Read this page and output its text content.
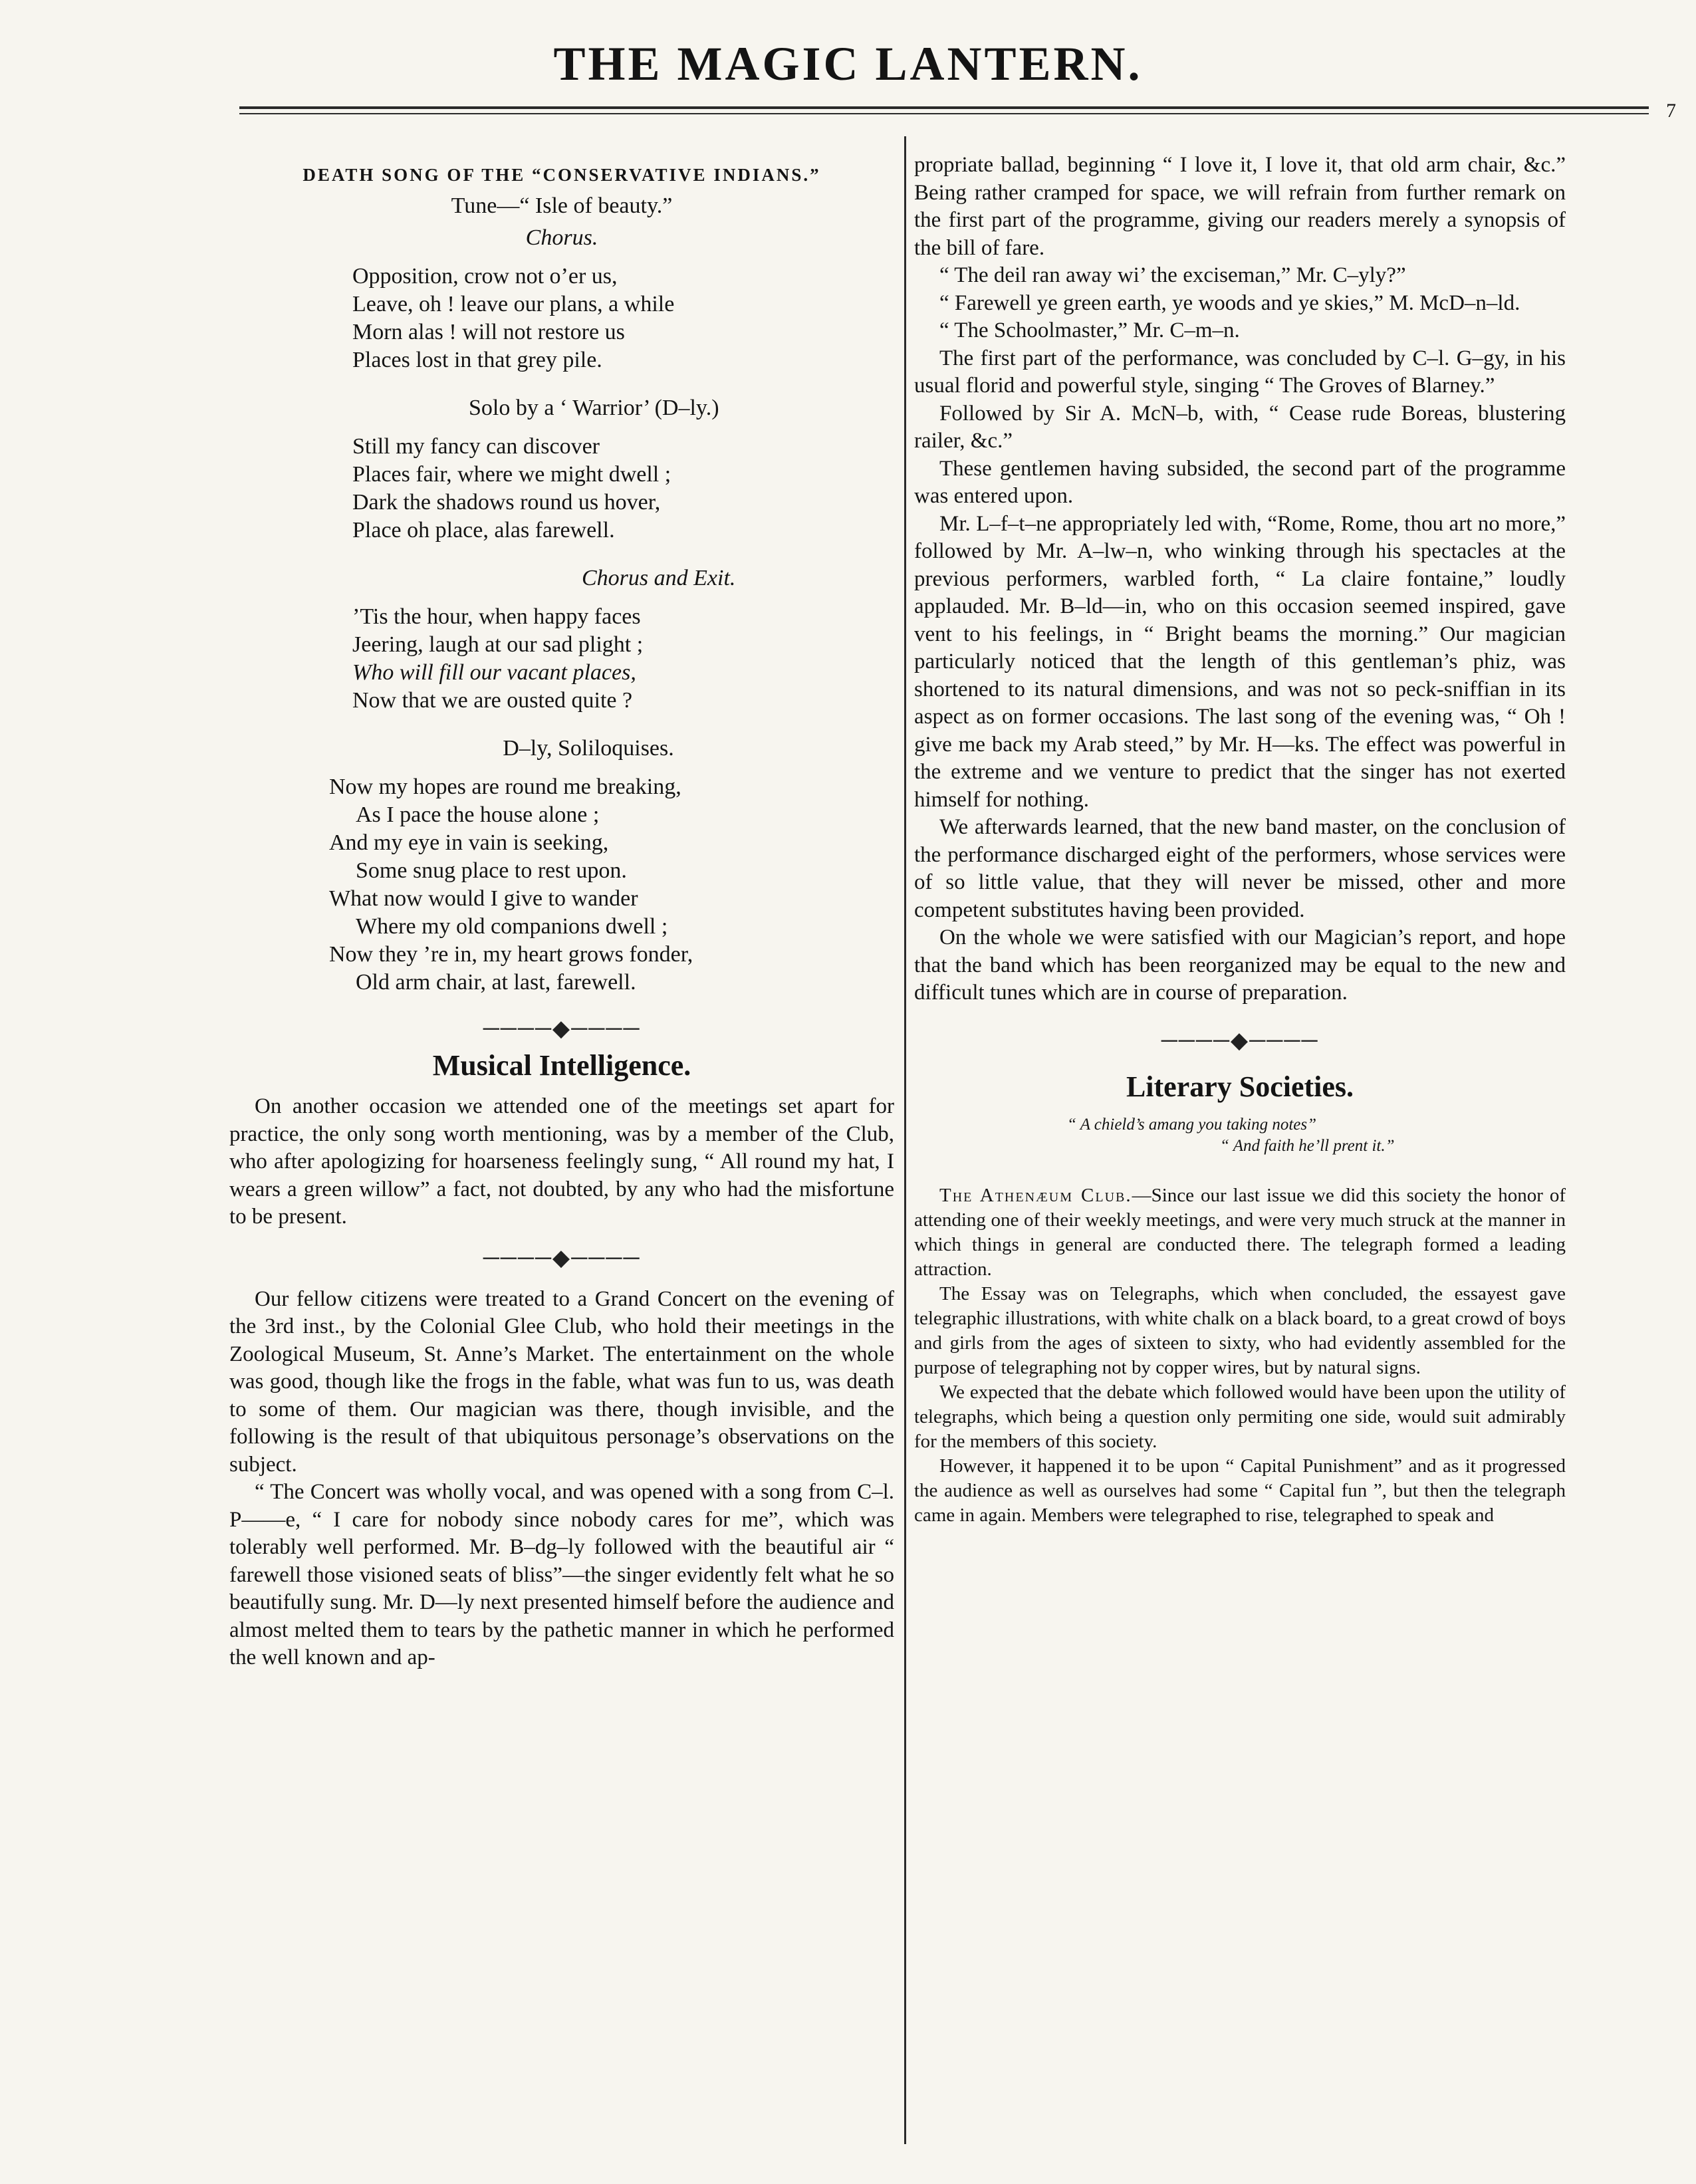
THE MAGIC LANTERN.
7
DEATH SONG OF THE “CONSERVATIVE INDIANS.”
Tune—“ Isle of beauty.”
Chorus.
Opposition, crow not o’er us,
Leave, oh ! leave our plans, a while
Morn alas ! will not restore us
Places lost in that grey pile.
Solo by a ‘ Warrior’ (D–ly.)
Still my fancy can discover
Places fair, where we might dwell ;
Dark the shadows round us hover,
Place oh place, alas farewell.
Chorus and Exit.
’Tis the hour, when happy faces
Jeering, laugh at our sad plight ;
Who will fill our vacant places,
Now that we are ousted quite ?
D–ly, Soliloquises.
Now my hopes are round me breaking,
As I pace the house alone ;
And my eye in vain is seeking,
Some snug place to rest upon.
What now would I give to wander
Where my old companions dwell ;
Now they ’re in, my heart grows fonder,
Old arm chair, at last, farewell.
────◆────
Musical Intelligence.

On another occasion we attended one of the meetings set apart for practice, the only song worth mentioning, was by a member of the Club, who after apologizing for hoarseness feelingly sung, “ All round my hat, I wears a green willow” a fact, not doubted, by any who had the misfortune to be present.

────◆────

Our fellow citizens were treated to a Grand Concert on the evening of the 3rd inst., by the Colonial Glee Club, who hold their meetings in the Zoological Museum, St. Anne’s Market. The entertainment on the whole was good, though like the frogs in the fable, what was fun to us, was death to some of them. Our magician was there, though invisible, and the following is the result of that ubiquitous personage’s observations on the subject.

“ The Concert was wholly vocal, and was opened with a song from C–l. P——e, “ I care for nobody since nobody cares for me”, which was tolerably well performed. Mr. B–dg–ly followed with the beautiful air “ farewell those visioned seats of bliss”—the singer evidently felt what he so beautifully sung. Mr. D—ly next presented himself before the audience and almost melted them to tears by the pathetic manner in which he performed the well known and ap-

propriate ballad, beginning “ I love it, I love it, that old arm chair, &c.” Being rather cramped for space, we will refrain from further remark on the first part of the programme, giving our readers merely a synopsis of the bill of fare.

“ The deil ran away wi’ the exciseman,” Mr. C–yly?”

“ Farewell ye green earth, ye woods and ye skies,” M. McD–n–ld.

“ The Schoolmaster,” Mr. C–m–n.

The first part of the performance, was concluded by C–l. G–gy, in his usual florid and powerful style, singing “ The Groves of Blarney.”

Followed by Sir A. McN–b, with, “ Cease rude Boreas, blustering railer, &c.”

These gentlemen having subsided, the second part of the programme was entered upon.

Mr. L–f–t–ne appropriately led with, “Rome, Rome, thou art no more,” followed by Mr. A–lw–n, who winking through his spectacles at the previous performers, warbled forth, “ La claire fontaine,” loudly applauded. Mr. B–ld—in, who on this occasion seemed inspired, gave vent to his feelings, in “ Bright beams the morning.” Our magician particularly noticed that the length of this gentleman’s phiz, was shortened to its natural dimensions, and was not so peck-sniffian in its aspect as on former occasions. The last song of the evening was, “ Oh ! give me back my Arab steed,” by Mr. H––ks. The effect was powerful in the extreme and we venture to predict that the singer has not exerted himself for nothing.

We afterwards learned, that the new band master, on the conclusion of the performance discharged eight of the performers, whose services were of so little value, that they will never be missed, other and more competent substitutes having been provided.

On the whole we were satisfied with our Magician’s report, and hope that the band which has been reorganized may be equal to the new and difficult tunes which are in course of preparation.

────◆────
Literary Societies.
“ A chield’s amang you taking notes”
“ And faith he’ll prent it.”

The Athenæum Club.—Since our last issue we did this society the honor of attending one of their weekly meetings, and were very much struck at the manner in which things in general are conducted there. The telegraph formed a leading attraction.

The Essay was on Telegraphs, which when concluded, the essayest gave telegraphic illustrations, with white chalk on a black board, to a great crowd of boys and girls from the ages of sixteen to sixty, who had evidently assembled for the purpose of telegraphing not by copper wires, but by natural signs.

We expected that the debate which followed would have been upon the utility of telegraphs, which being a question only permiting one side, would suit admirably for the members of this society.

However, it happened it to be upon “ Capital Punishment” and as it progressed the audience as well as ourselves had some “ Capital fun ”, but then the telegraph came in again. Members were telegraphed to rise, telegraphed to speak and
